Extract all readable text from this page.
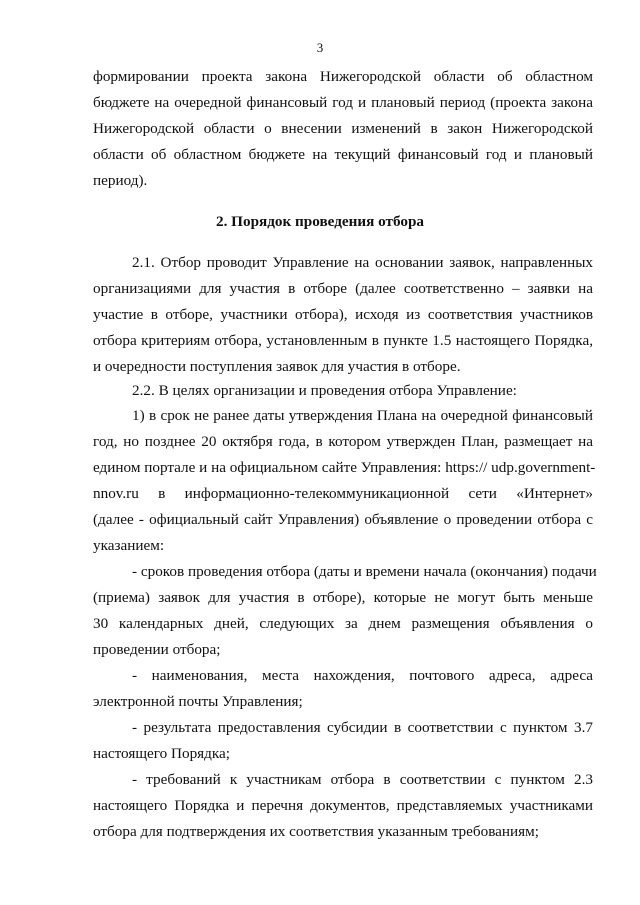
3
формировании проекта закона Нижегородской области об областном
бюджете на очередной финансовый год и плановый период (проекта закона
Нижегородской области о внесении изменений в закон Нижегородской
области об областном бюджете на текущий финансовый год и плановый
период).
2. Порядок проведения отбора
2.1. Отбор проводит Управление на основании заявок, направленных
организациями для участия в отборе (далее соответственно – заявки на
участие в отборе, участники отбора), исходя из соответствия участников
отбора критериям отбора, установленным в пункте 1.5 настоящего Порядка,
и очередности поступления заявок для участия в отборе.
2.2. В целях организации и проведения отбора Управление:
1) в срок не ранее даты утверждения Плана на очередной финансовый
год, но позднее 20 октября года, в котором утвержден План, размещает на
едином портале и на официальном сайте Управления: https:// udp.government-
nnov.ru в информационно-телекоммуникационной сети «Интернет»
(далее - официальный сайт Управления) объявление о проведении отбора с
указанием:
- сроков проведения отбора (даты и времени начала (окончания) подачи
(приема) заявок для участия в отборе), которые не могут быть меньше
30 календарных дней, следующих за днем размещения объявления о
проведении отбора;
- наименования, места нахождения, почтового адреса, адреса
электронной почты Управления;
- результата предоставления субсидии в соответствии с пунктом 3.7
настоящего Порядка;
- требований к участникам отбора в соответствии с пунктом 2.3
настоящего Порядка и перечня документов, представляемых участниками
отбора для подтверждения их соответствия указанным требованиям;
